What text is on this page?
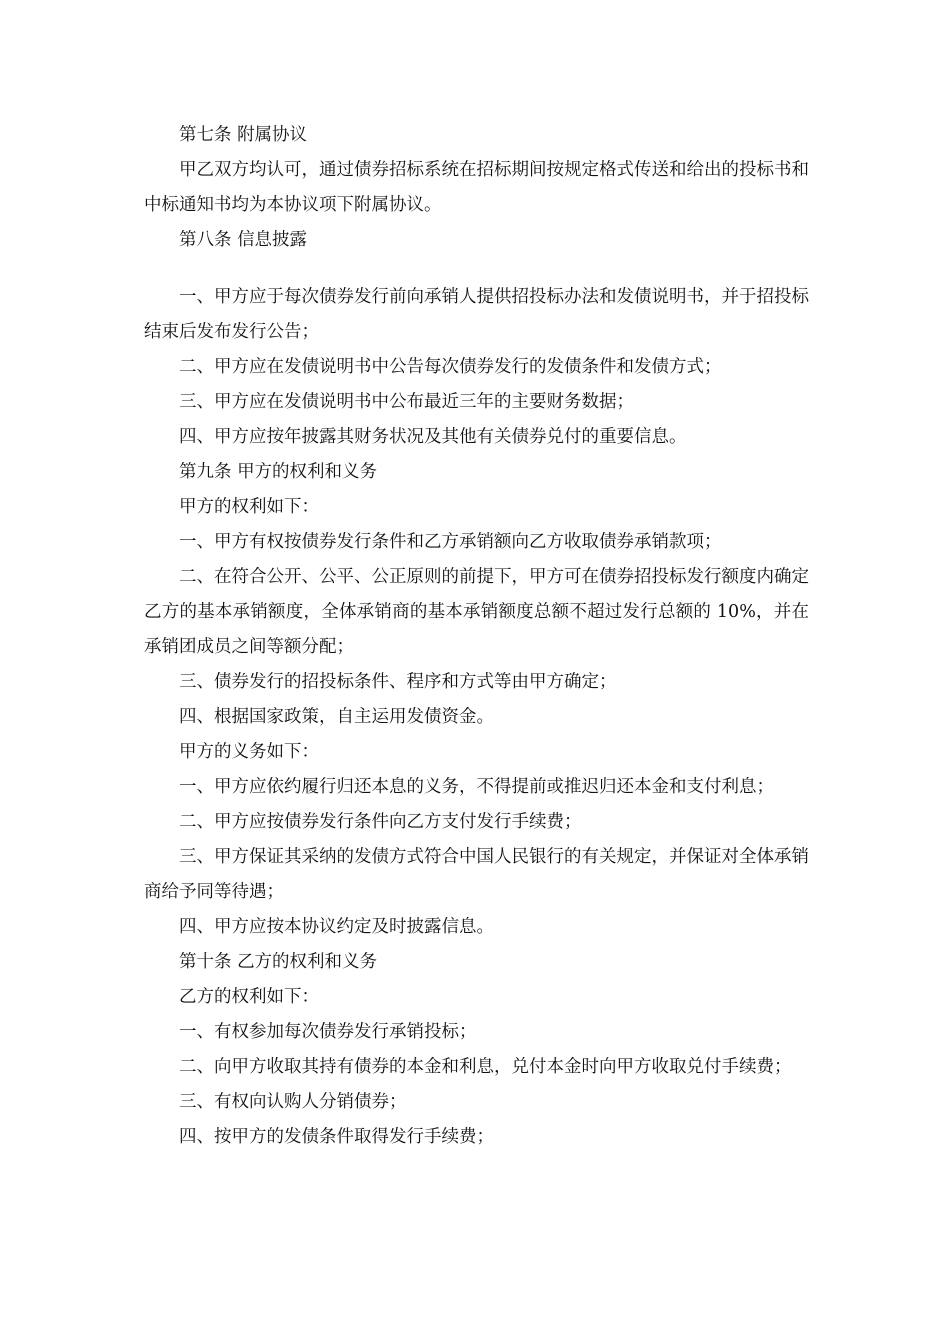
第七条 附属协议

甲乙双方均认可，通过债券招标系统在招标期间按规定格式传送和给出的投标书和中标通知书均为本协议项下附属协议。

第八条 信息披露

一、甲方应于每次债券发行前向承销人提供招投标办法和发债说明书，并于招投标结束后发布发行公告；

二、甲方应在发债说明书中公告每次债券发行的发债条件和发债方式；

三、甲方应在发债说明书中公布最近三年的主要财务数据；

四、甲方应按年披露其财务状况及其他有关债券兑付的重要信息。

第九条 甲方的权利和义务

甲方的权利如下：

一、甲方有权按债券发行条件和乙方承销额向乙方收取债券承销款项；

二、在符合公开、公平、公正原则的前提下，甲方可在债券招投标发行额度内确定乙方的基本承销额度，全体承销商的基本承销额度总额不超过发行总额的 10%，并在承销团成员之间等额分配；

三、债券发行的招投标条件、程序和方式等由甲方确定；

四、根据国家政策，自主运用发债资金。

甲方的义务如下：

一、甲方应依约履行归还本息的义务，不得提前或推迟归还本金和支付利息；

二、甲方应按债券发行条件向乙方支付发行手续费；

三、甲方保证其采纳的发债方式符合中国人民银行的有关规定，并保证对全体承销商给予同等待遇；

四、甲方应按本协议约定及时披露信息。

第十条 乙方的权利和义务

乙方的权利如下：

一、有权参加每次债券发行承销投标；

二、向甲方收取其持有债券的本金和利息，兑付本金时向甲方收取兑付手续费；

三、有权向认购人分销债券；

四、按甲方的发债条件取得发行手续费；
